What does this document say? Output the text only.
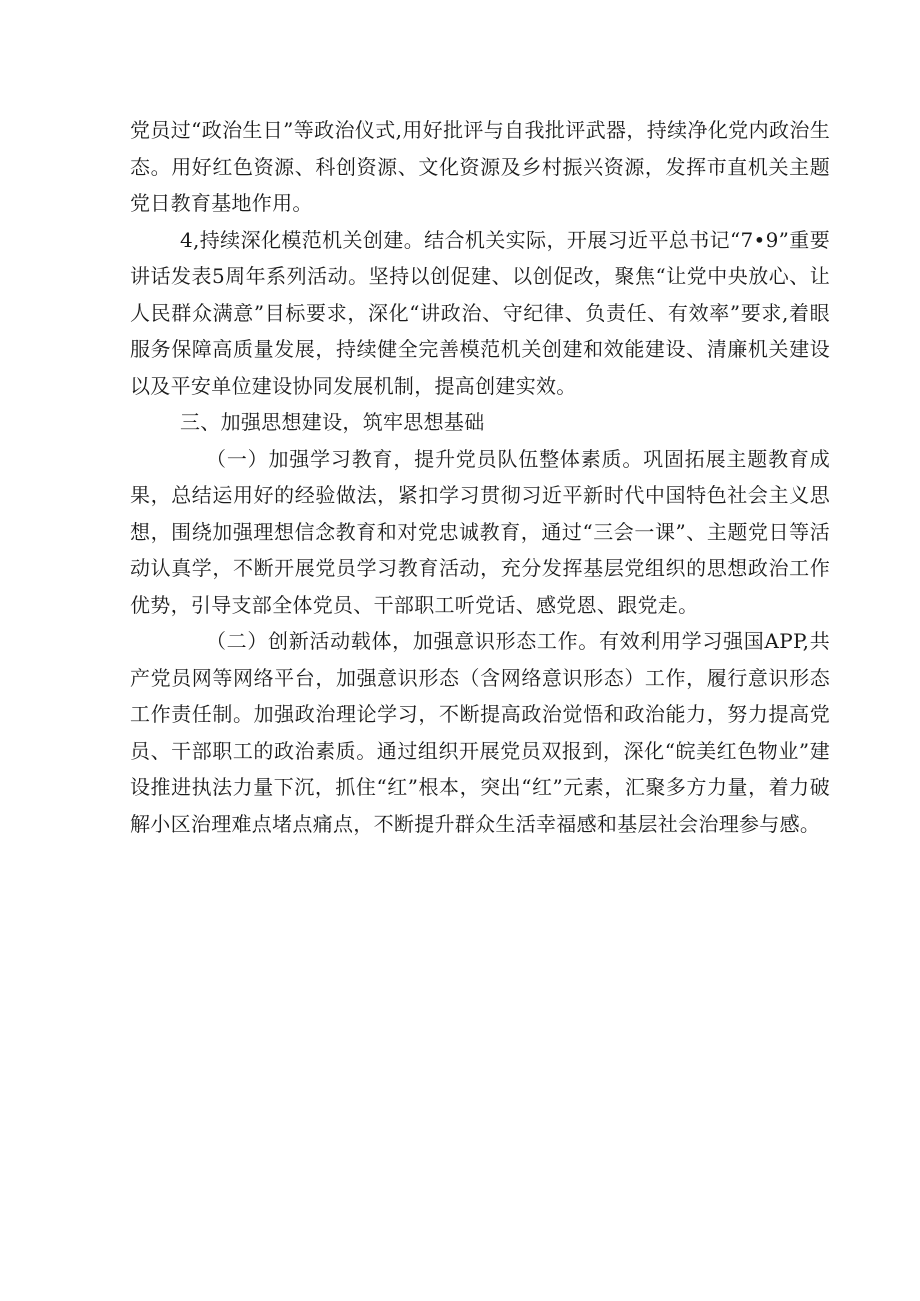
党员过“政治生日”等政治仪式,用好批评与自我批评武器，持续净化党内政治生态。用好红色资源、科创资源、文化资源及乡村振兴资源，发挥市直机关主题党日教育基地作用。

4,持续深化模范机关创建。结合机关实际，开展习近平总书记“7•9”重要讲话发表5周年系列活动。坚持以创促建、以创促改，聚焦“让党中央放心、让人民群众满意”目标要求，深化“讲政治、守纪律、负责任、有效率”要求,着眼服务保障高质量发展，持续健全完善模范机关创建和效能建设、清廉机关建设以及平安单位建设协同发展机制，提高创建实效。

三、加强思想建设，筑牢思想基础

（一）加强学习教育，提升党员队伍整体素质。巩固拓展主题教育成果，总结运用好的经验做法，紧扣学习贯彻习近平新时代中国特色社会主义思想，围绕加强理想信念教育和对党忠诚教育，通过“三会一课”、主题党日等活动认真学，不断开展党员学习教育活动，充分发挥基层党组织的思想政治工作优势，引导支部全体党员、干部职工听党话、感党恩、跟党走。

（二）创新活动载体，加强意识形态工作。有效利用学习强国APP,共产党员网等网络平台，加强意识形态（含网络意识形态）工作，履行意识形态工作责任制。加强政治理论学习，不断提高政治觉悟和政治能力，努力提高党员、干部职工的政治素质。通过组织开展党员双报到，深化“皖美红色物业”建设推进执法力量下沉，抓住“红”根本，突出“红”元素，汇聚多方力量，着力破解小区治理难点堵点痛点，不断提升群众生活幸福感和基层社会治理参与感。
